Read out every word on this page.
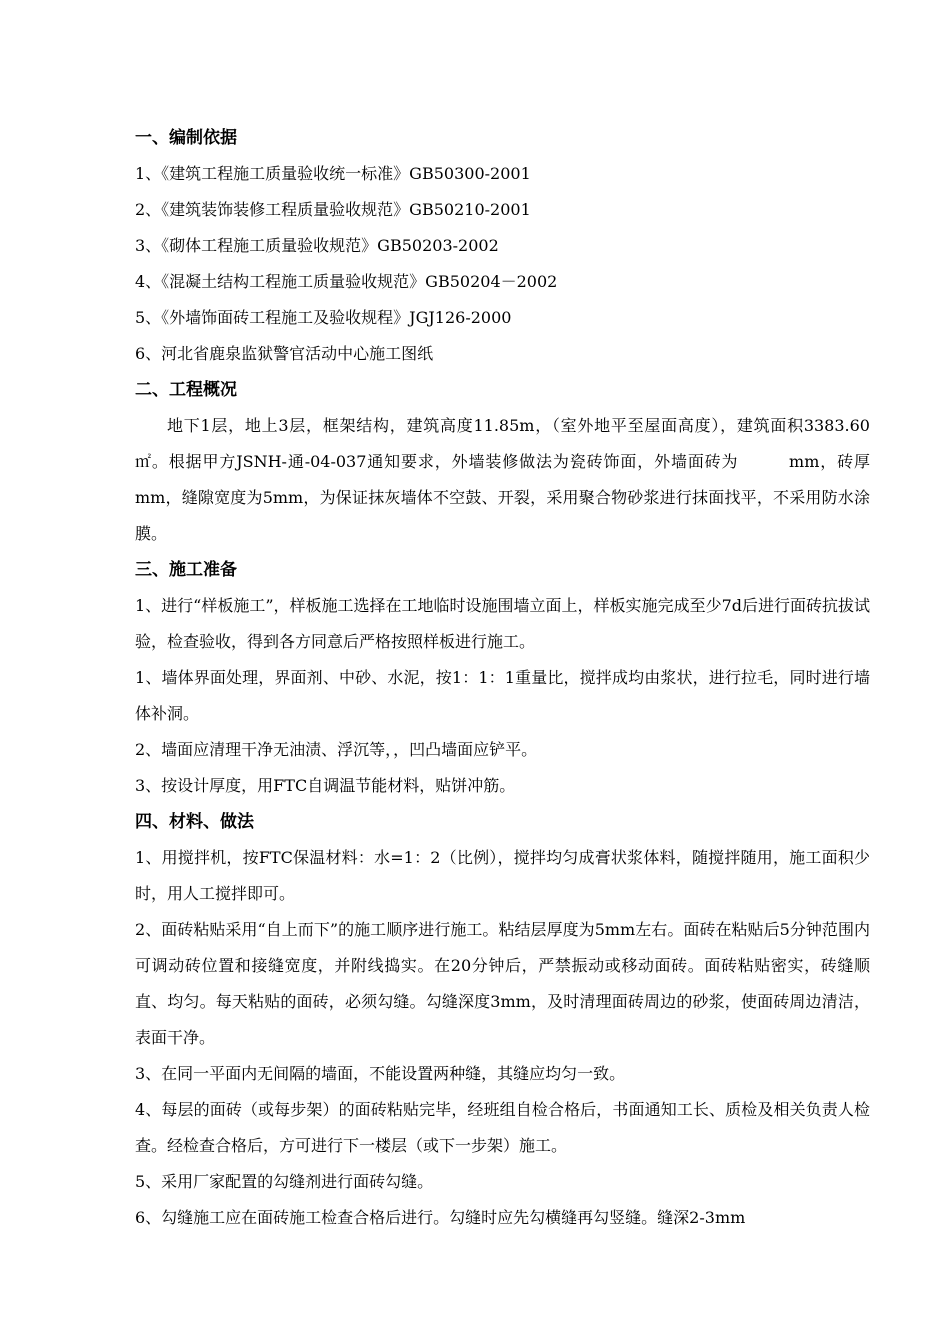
一、编制依据
1、《建筑工程施工质量验收统一标准》GB50300-2001
2、《建筑装饰装修工程质量验收规范》GB50210-2001
3、《砌体工程施工质量验收规范》GB50203-2002
4、《混凝土结构工程施工质量验收规范》GB50204－2002
5、《外墙饰面砖工程施工及验收规程》JGJ126-2000
6、河北省鹿泉监狱警官活动中心施工图纸
二、工程概况

地下1层，地上3层，框架结构，建筑高度11.85m，（室外地平至屋面高度），建筑面积3383.60㎡。根据甲方JSNH-通-04-037通知要求，外墙装修做法为瓷砖饰面，外墙面砖为　　　mm，砖厚　　mm，缝隙宽度为5mm，为保证抹灰墙体不空鼓、开裂，采用聚合物砂浆进行抹面找平，不采用防水涂膜。

三、施工准备

1、进行“样板施工”，样板施工选择在工地临时设施围墙立面上，样板实施完成至少7d后进行面砖抗拔试验，检查验收，得到各方同意后严格按照样板进行施工。

1、墙体界面处理，界面剂、中砂、水泥，按1：1：1重量比，搅拌成均由浆状，进行拉毛，同时进行墙体补洞。

2、墙面应清理干净无油渍、浮沉等，，凹凸墙面应铲平。

3、按设计厚度，用FTC自调温节能材料，贴饼冲筋。

四、材料、做法

1、用搅拌机，按FTC保温材料：水=1：2（比例），搅拌均匀成膏状浆体料，随搅拌随用，施工面积少时，用人工搅拌即可。

2、面砖粘贴采用“自上而下”的施工顺序进行施工。粘结层厚度为5mm左右。面砖在粘贴后5分钟范围内可调动砖位置和接缝宽度，并附线捣实。在20分钟后，严禁振动或移动面砖。面砖粘贴密实，砖缝顺直、均匀。每天粘贴的面砖，必须勾缝。勾缝深度3mm，及时清理面砖周边的砂浆，使面砖周边清洁，表面干净。

3、在同一平面内无间隔的墙面，不能设置两种缝，其缝应均匀一致。

4、每层的面砖（或每步架）的面砖粘贴完毕，经班组自检合格后，书面通知工长、质检及相关负责人检查。经检查合格后，方可进行下一楼层（或下一步架）施工。

5、采用厂家配置的勾缝剂进行面砖勾缝。

6、勾缝施工应在面砖施工检查合格后进行。勾缝时应先勾横缝再勾竖缝。缝深2-3mm
